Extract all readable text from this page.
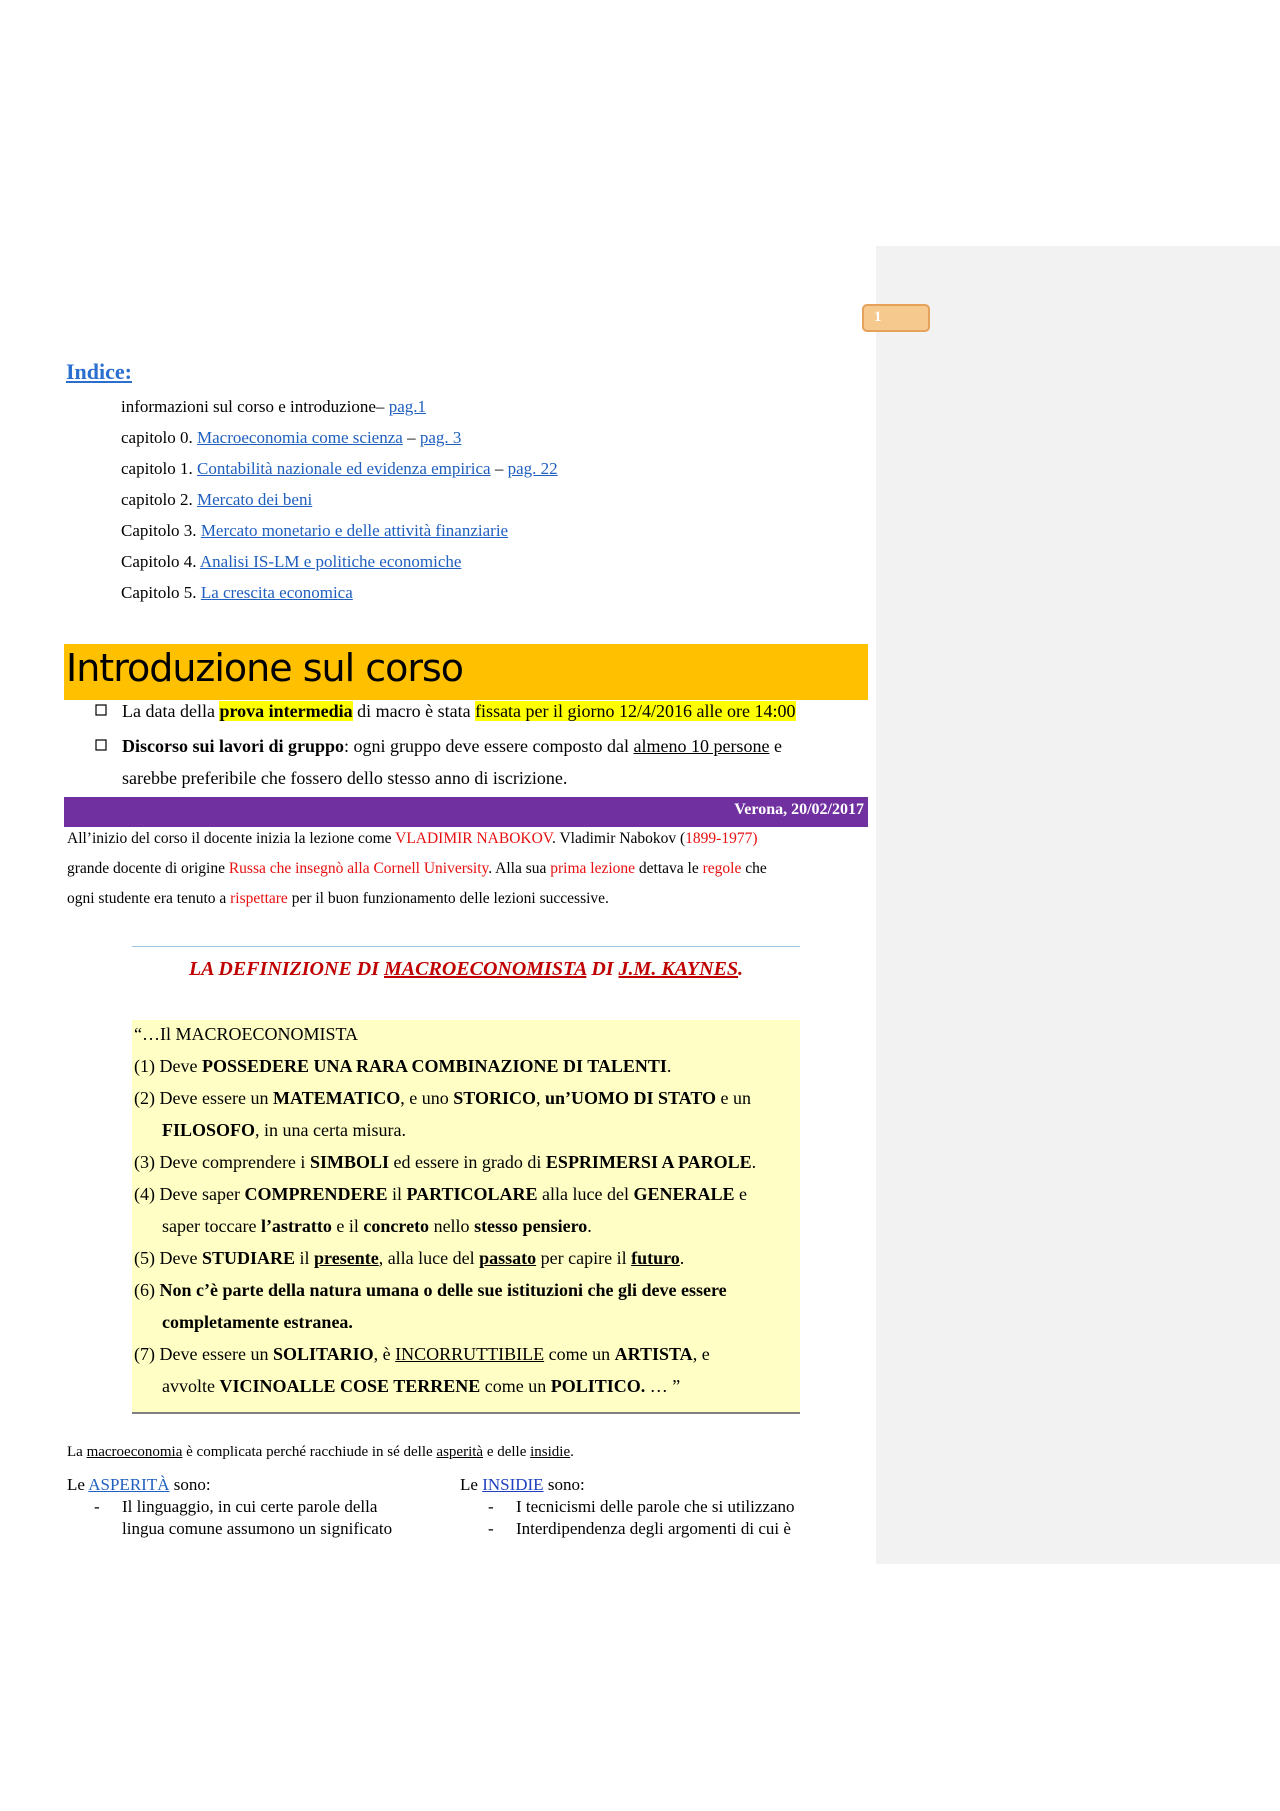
1
Indice:
informazioni sul corso e introduzione– pag.1
capitolo 0. Macroeconomia come scienza – pag. 3
capitolo 1. Contabilità nazionale ed evidenza empirica – pag. 22
capitolo 2. Mercato dei beni
Capitolo 3. Mercato monetario e delle attività finanziarie
Capitolo 4. Analisi IS-LM e politiche economiche
Capitolo 5. La crescita economica
Introduzione sul corso
La data della prova intermedia di macro è stata fissata per il giorno 12/4/2016 alle ore 14:00
Discorso sui lavori di gruppo: ogni gruppo deve essere composto dal almeno 10 persone e
sarebbe preferibile che fossero dello stesso anno di iscrizione.
Verona, 20/02/2017
All’inizio del corso il docente inizia la lezione come VLADIMIR NABOKOV. Vladimir Nabokov (1899-1977)
grande docente di origine Russa che insegnò alla Cornell University. Alla sua prima lezione dettava le regole che
ogni studente era tenuto a rispettare per il buon funzionamento delle lezioni successive.
LA DEFINIZIONE DI MACROECONOMISTA DI J.M. KAYNES.
“…Il MACROECONOMISTA
(1) Deve POSSEDERE UNA RARA COMBINAZIONE DI TALENTI.
(2) Deve essere un MATEMATICO, e uno STORICO, un’UOMO DI STATO e un
FILOSOFO, in una certa misura.
(3) Deve comprendere i SIMBOLI ed essere in grado di ESPRIMERSI A PAROLE.
(4) Deve saper COMPRENDERE il PARTICOLARE alla luce del GENERALE e
saper toccare l’astratto e il concreto nello stesso pensiero.
(5) Deve STUDIARE il presente, alla luce del passato per capire il futuro.
(6) Non c’è parte della natura umana o delle sue istituzioni che gli deve essere
completamente estranea.
(7) Deve essere un SOLITARIO, è INCORRUTTIBILE come un ARTISTA, e
avvolte VICINOALLE COSE TERRENE come un POLITICO. … ”
La macroeconomia è complicata perché racchiude in sé delle asperità e delle insidie.
Le ASPERITÀ sono:
- Il linguaggio, in cui certe parole della
lingua comune assumono un significato
Le INSIDIE sono:
- I tecnicismi delle parole che si utilizzano
- Interdipendenza degli argomenti di cui è
